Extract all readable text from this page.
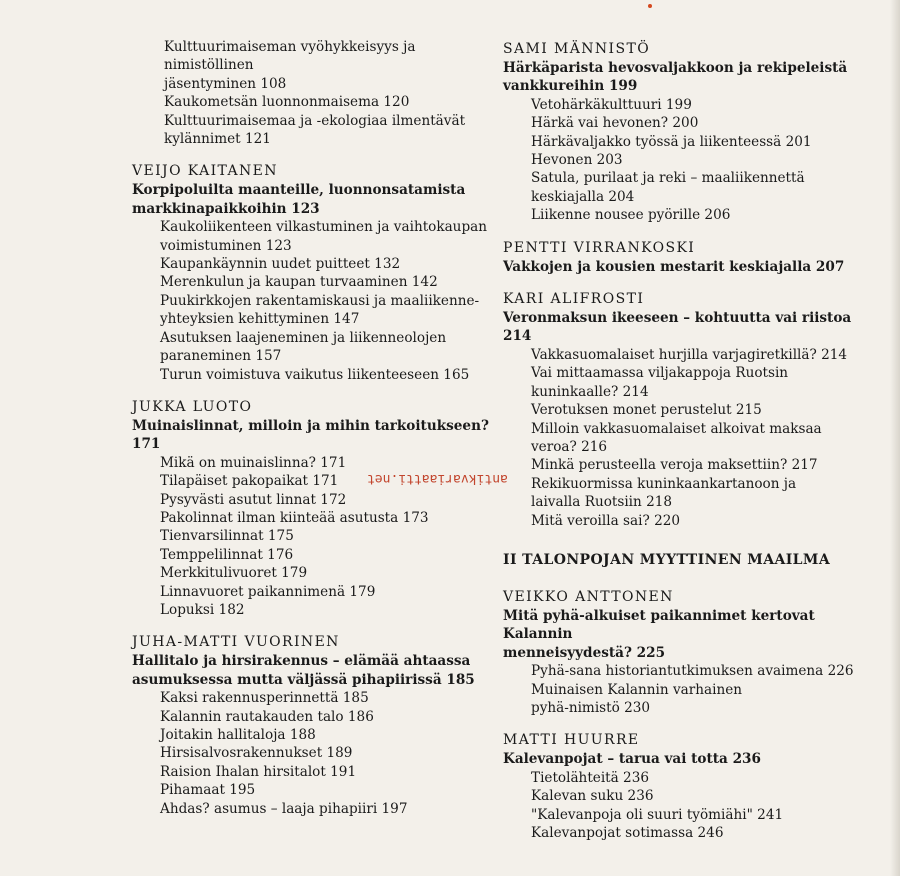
Kulttuurimaiseman vyöhykkeisyys ja nimistöllinen
jäsentyminen 108
Kaukometsän luonnonmaisema 120
Kulttuurimaisemaa ja -ekologiaa ilmentävät
kylännimet 121
VEIJO KAITANEN
Korpipoluilta maanteille, luonnonsatamista
markkinapaikkoihin 123
Kaukoliikenteen vilkastuminen ja vaihtokaupan
voimistuminen 123
Kaupankäynnin uudet puitteet 132
Merenkulun ja kaupan turvaaminen 142
Puukirkkojen rakentamiskausi ja maaliikenne-
yhteyksien kehittyminen 147
Asutuksen laajeneminen ja liikenneolojen
paraneminen 157
Turun voimistuva vaikutus liikenteeseen 165
JUKKA LUOTO
Muinaislinnat, milloin ja mihin tarkoitukseen? 171
Mikä on muinaislinna? 171
Tilapäiset pakopaikat 171
Pysyvästi asutut linnat 172
Pakolinnat ilman kiinteää asutusta 173
Tienvarsilinnat 175
Temppelilinnat 176
Merkkitulivuoret 179
Linnavuoret paikannimenä 179
Lopuksi 182
JUHA-MATTI VUORINEN
Hallitalo ja hirsirakennus – elämää ahtaassa
asumuksessa mutta väljässä pihapiirissä 185
Kaksi rakennusperinnettä 185
Kalannin rautakauden talo 186
Joitakin hallitaloja 188
Hirsisalvosrakennukset 189
Raision Ihalan hirsitalot 191
Pihamaat 195
Ahdas? asumus – laaja pihapiiri 197
SAMI MÄNNISTÖ
Härkäparista hevosvaljakkoon ja rekipeleistä
vankkureihin 199
Vetohärkäkulttuuri 199
Härkä vai hevonen? 200
Härkävaljakko työssä ja liikenteessä 201
Hevonen 203
Satula, purilaat ja reki – maaliikennettä
keskiajalla 204
Liikenne nousee pyörille 206
PENTTI VIRRANKOSKI
Vakkojen ja kousien mestarit keskiajalla 207
KARI ALIFROSTI
Veronmaksun ikeeseen – kohtuutta vai riistoa 214
Vakkasuomalaiset hurjilla varjagiretkillä? 214
Vai mittaamassa viljakappoja Ruotsin
kuninkaalle? 214
Verotuksen monet perustelut 215
Milloin vakkasuomalaiset alkoivat maksaa
veroa? 216
Minkä perusteella veroja maksettiin? 217
Rekikuormissa kuninkaankartanoon ja
laivalla Ruotsiin 218
Mitä veroilla sai? 220
II TALONPOJAN MYYTTINEN MAAILMA
VEIKKO ANTTONEN
Mitä pyhä-alkuiset paikannimet kertovat Kalannin
menneisyydestä? 225
Pyhä-sana historiantutkimuksen avaimena 226
Muinaisen Kalannin varhainen
pyhä-nimistö 230
MATTI HUURRE
Kalevanpojat – tarua vai totta 236
Tietolähteitä 236
Kalevan suku 236
"Kalevanpoja oli suuri työmiähi" 241
Kalevanpojat sotimassa 246
antikvariaatti.net
